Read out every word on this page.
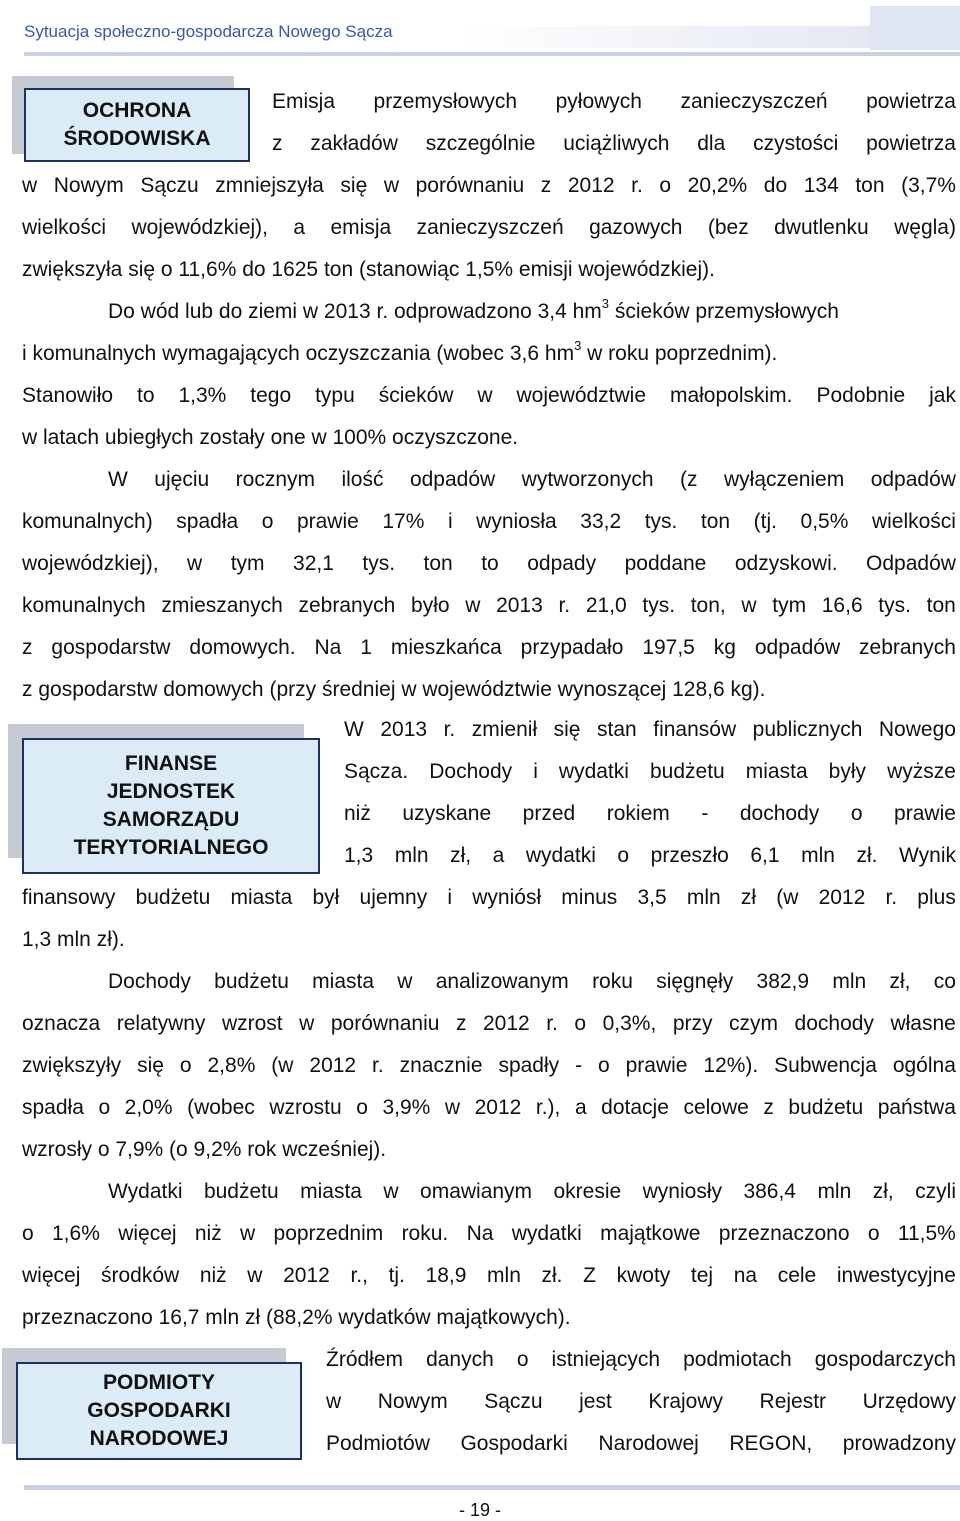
Sytuacja społeczno-gospodarcza Nowego Sącza
OCHRONA
ŚRODOWISKA
Emisja przemysłowych pyłowych zanieczyszczeń powietrza
z zakładów szczególnie uciążliwych dla czystości powietrza
w Nowym Sączu zmniejszyła się w porównaniu z 2012 r. o 20,2% do 134 ton (3,7%
wielkości wojewódzkiej), a emisja zanieczyszczeń gazowych (bez dwutlenku węgla)
zwiększyła się o 11,6% do 1625 ton (stanowiąc 1,5% emisji wojewódzkiej).
Do wód lub do ziemi w 2013 r. odprowadzono 3,4 $hm^3$ ścieków przemysłowych
i komunalnych wymagających oczyszczania (wobec 3,6 $hm^3$ w roku poprzednim).
Stanowiło to 1,3% tego typu ścieków w województwie małopolskim. Podobnie jak
w latach ubiegłych zostały one w 100% oczyszczone.
W ujęciu rocznym ilość odpadów wytworzonych (z wyłączeniem odpadów
komunalnych) spadła o prawie 17% i wyniosła 33,2 tys. ton (tj. 0,5% wielkości
wojewódzkiej), w tym 32,1 tys. ton to odpady poddane odzyskowi. Odpadów
komunalnych zmieszanych zebranych było w 2013 r. 21,0 tys. ton, w tym 16,6 tys. ton
z gospodarstw domowych. Na 1 mieszkańca przypadało 197,5 kg odpadów zebranych
z gospodarstw domowych (przy średniej w województwie wynoszącej 128,6 kg).
FINANSE
JEDNOSTEK
SAMORZĄDU
TERYTORIALNEGO
W 2013 r. zmienił się stan finansów publicznych Nowego
Sącza. Dochody i wydatki budżetu miasta były wyższe
niż uzyskane przed rokiem - dochody o prawie
1,3 mln zł, a wydatki o przeszło 6,1 mln zł. Wynik
finansowy budżetu miasta był ujemny i wyniósł minus 3,5 mln zł (w 2012 r. plus
1,3 mln zł).
Dochody budżetu miasta w analizowanym roku sięgnęły 382,9 mln zł, co
oznacza relatywny wzrost w porównaniu z 2012 r. o 0,3%, przy czym dochody własne
zwiększyły się o 2,8% (w 2012 r. znacznie spadły - o prawie 12%). Subwencja ogólna
spadła o 2,0% (wobec wzrostu o 3,9% w 2012 r.), a dotacje celowe z budżetu państwa
wzrosły o 7,9% (o 9,2% rok wcześniej).
Wydatki budżetu miasta w omawianym okresie wyniosły 386,4 mln zł, czyli
o 1,6% więcej niż w poprzednim roku. Na wydatki majątkowe przeznaczono o 11,5%
więcej środków niż w 2012 r., tj. 18,9 mln zł. Z kwoty tej na cele inwestycyjne
przeznaczono 16,7 mln zł (88,2% wydatków majątkowych).
PODMIOTY
GOSPODARKI
NARODOWEJ
Źródłem danych o istniejących podmiotach gospodarczych
w Nowym Sączu jest Krajowy Rejestr Urzędowy
Podmiotów Gospodarki Narodowej REGON, prowadzony
- 19 -
